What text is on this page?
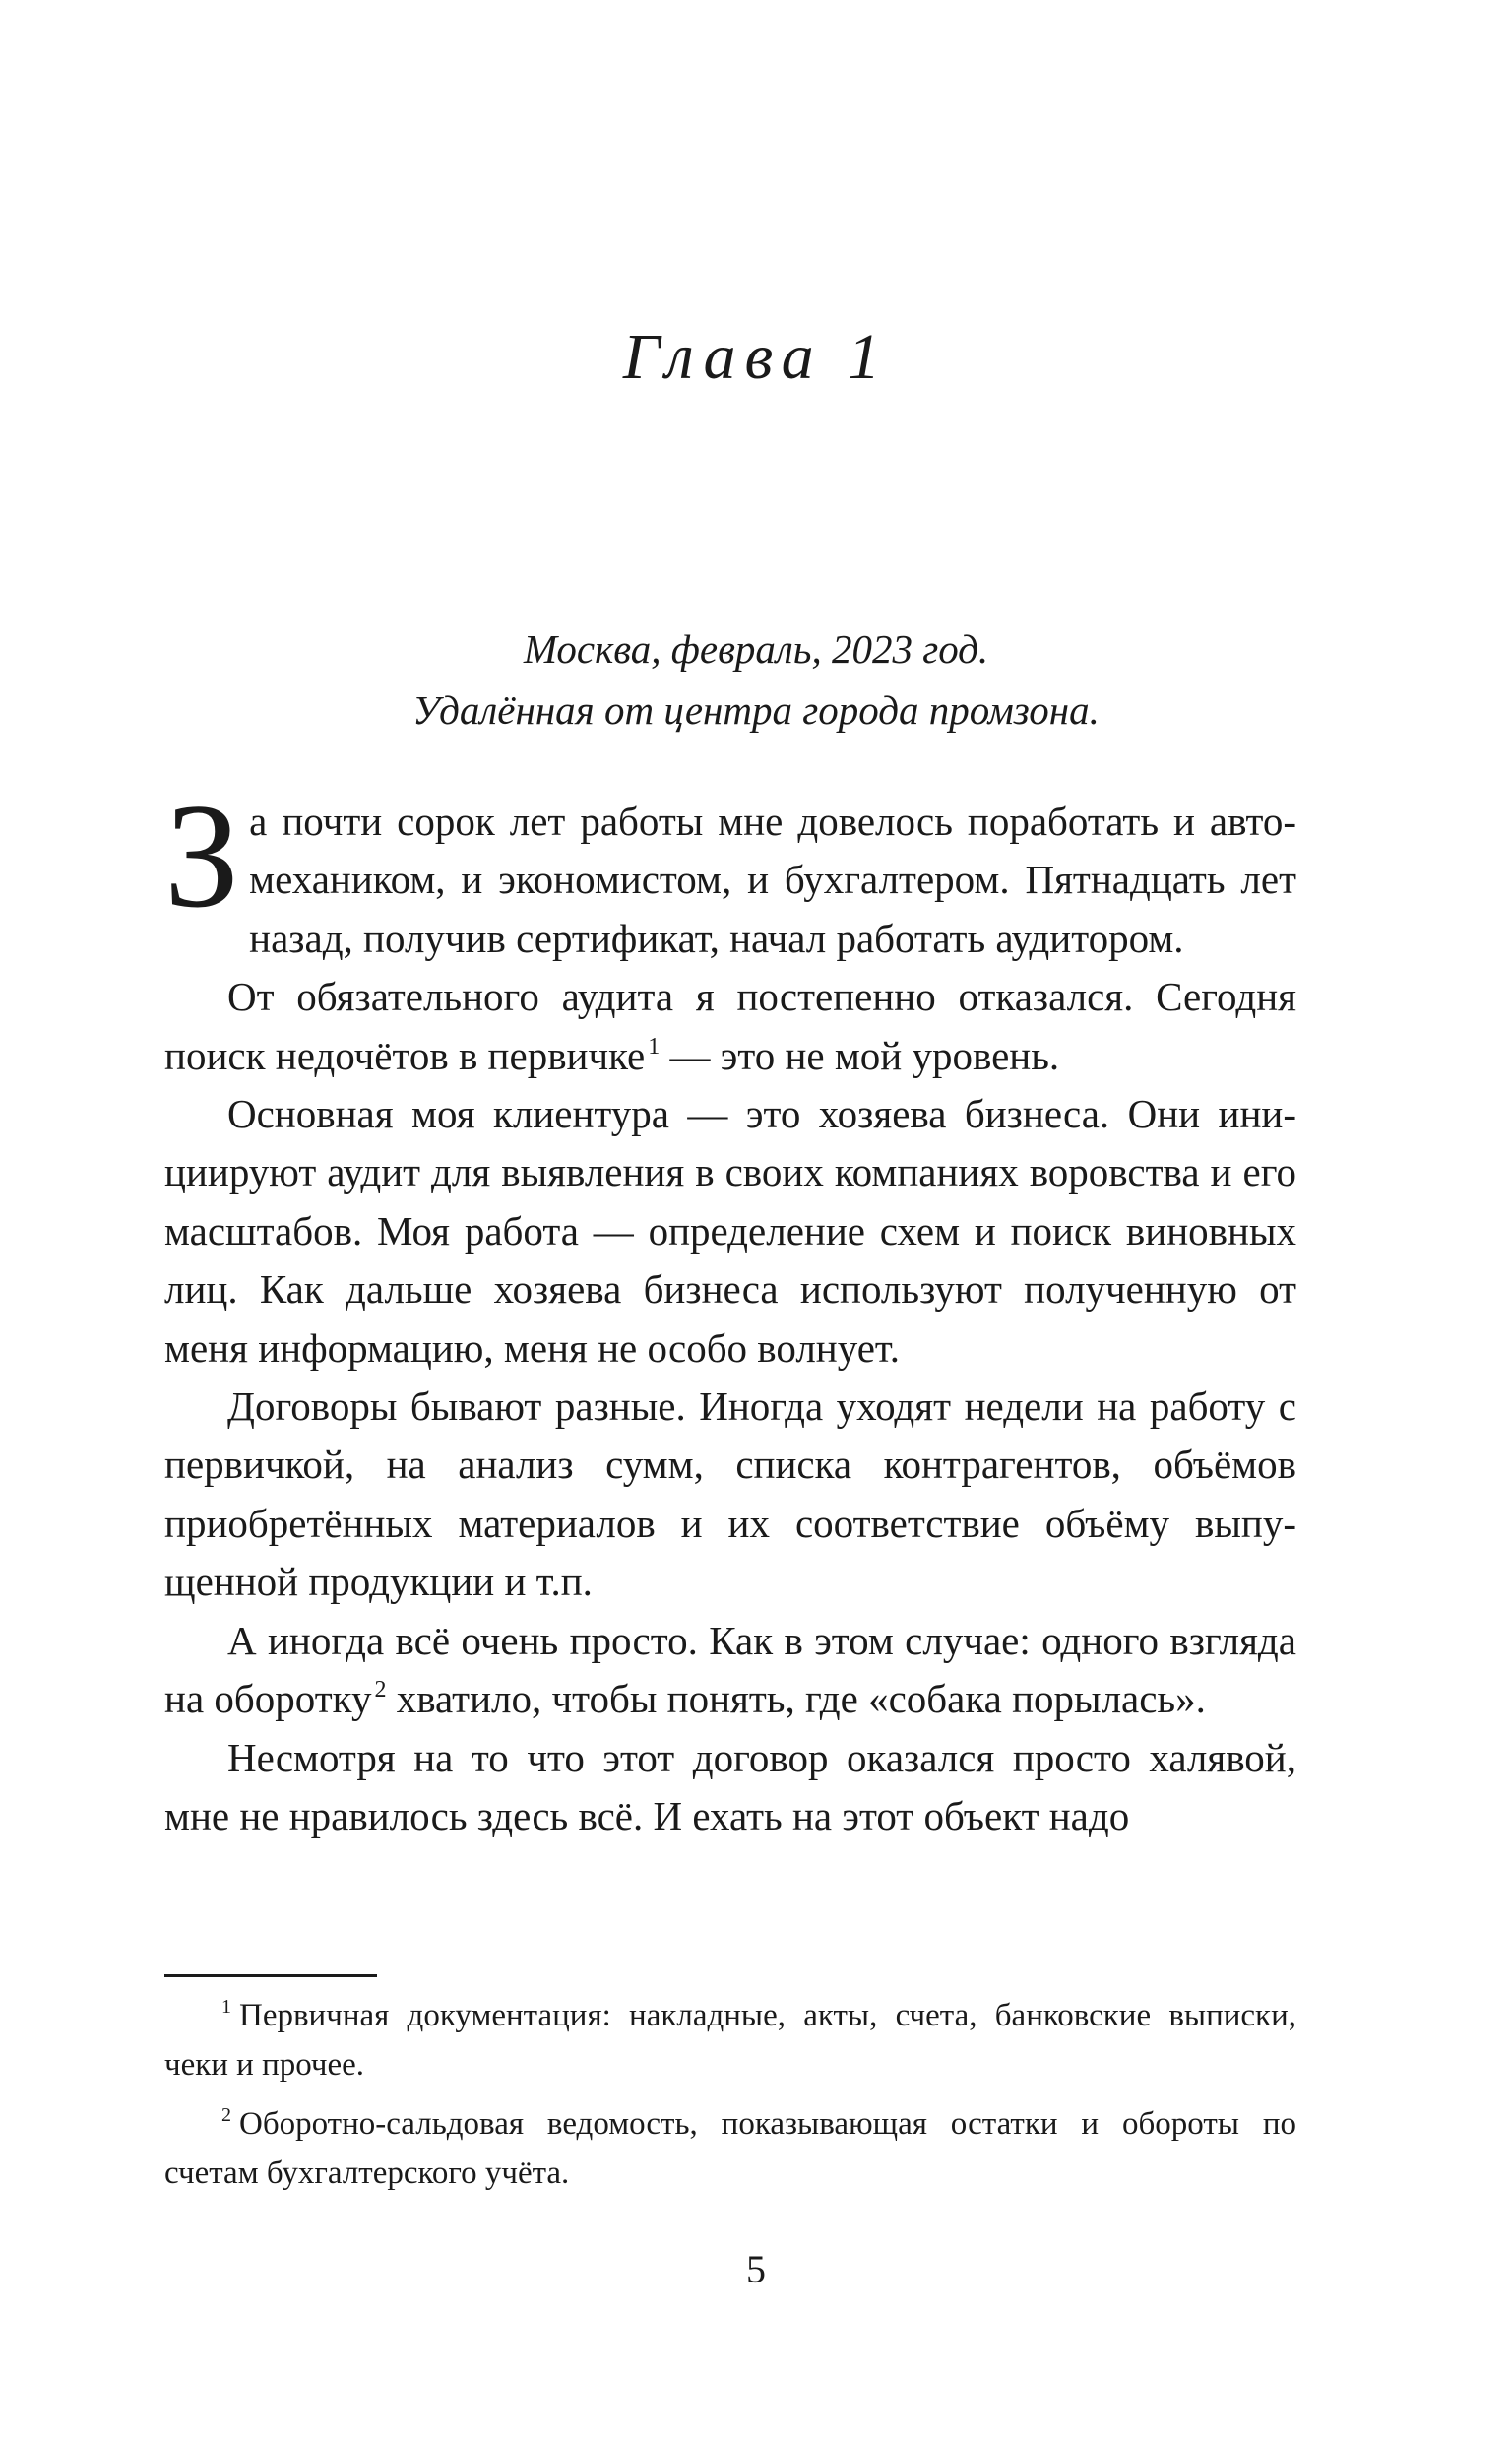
Глава 1
Москва, февраль, 2023 год.
Удалённая от центра города промзона.

За почти сорок лет работы мне довелось поработать и автомехаником, и экономистом, и бухгалтером. Пятнадцать лет назад, получив сертификат, начал работать аудитором.

От обязательного аудита я постепенно отказался. Сегодня поиск недочётов в первичке $^1$ — это не мой уровень.

Основная моя клиентура — это хозяева бизнеса. Они инициируют аудит для выявления в своих компаниях воровства и его масштабов. Моя работа — определение схем и поиск виновных лиц. Как дальше хозяева бизнеса используют полученную от меня информацию, меня не особо волнует.

Договоры бывают разные. Иногда уходят недели на работу с первичкой, на анализ сумм, списка контрагентов, объёмов приобретённых материалов и их соответствие объёму выпущенной продукции и т.п.

А иногда всё очень просто. Как в этом случае: одного взгляда на оборотку $^2$ хватило, чтобы понять, где «собака порылась».

Несмотря на то что этот договор оказался просто халявой, мне не нравилось здесь всё. И ехать на этот объект надо

$^1$ Первичная документация: накладные, акты, счета, банковские выписки, чеки и прочее.

$^2$ Оборотно-сальдовая ведомость, показывающая остатки и обороты по счетам бухгалтерского учёта.

5
